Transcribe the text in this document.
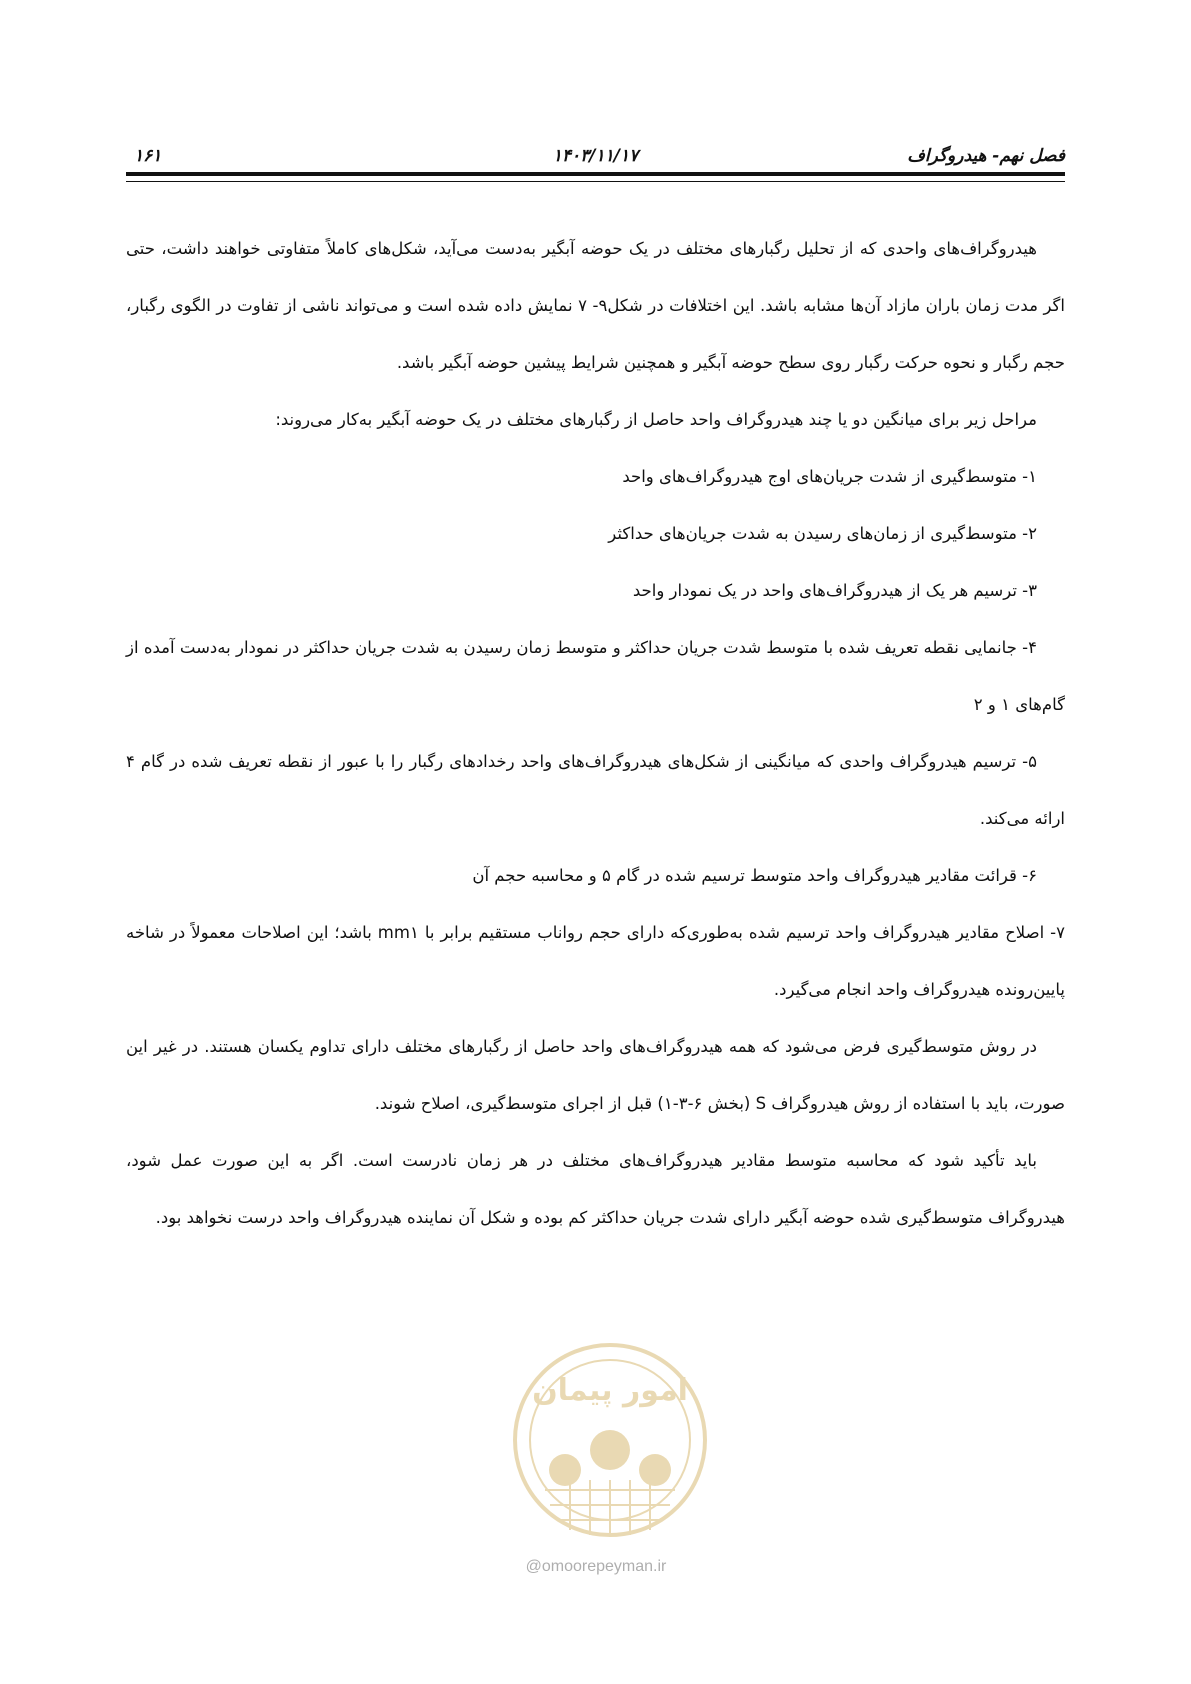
فصل نهم- هیدروگراف
۱۴۰۳/۱۱/۱۷
۱۶۱

هیدروگراف‌های واحدی که از تحلیل رگبارهای مختلف در یک حوضه آبگیر به‌دست می‌آید، شکل‌های کاملاً متفاوتی خواهند داشت، حتی اگر مدت زمان باران مازاد آن‌ها مشابه باشد. این اختلافات در شکل۹- ۷ نمایش داده شده است و می‌تواند ناشی از تفاوت در الگوی رگبار، حجم رگبار و نحوه حرکت رگبار روی سطح حوضه آبگیر و همچنین شرایط پیشین حوضه آبگیر باشد.

مراحل زیر برای میانگین دو یا چند هیدروگراف واحد حاصل از رگبارهای مختلف در یک حوضه آبگیر به‌کار می‌روند:

۱- متوسط‌گیری از شدت جریان‌های اوج هیدروگراف‌های واحد

۲- متوسط‌گیری از زمان‌های رسیدن به شدت جریان‌های حداکثر

۳- ترسیم هر یک از هیدروگراف‌های واحد در یک نمودار واحد

۴- جانمایی نقطه تعریف شده با متوسط شدت جریان حداکثر و متوسط زمان رسیدن به شدت جریان حداکثر در نمودار به‌دست آمده از گام‌های ۱ و ۲

۵- ترسیم هیدروگراف واحدی که میانگینی از شکل‌های هیدروگراف‌های واحد رخدادهای رگبار را با عبور از نقطه تعریف شده در گام ۴ ارائه می‌کند.

۶- قرائت مقادیر هیدروگراف واحد متوسط ترسیم شده در گام ۵ و محاسبه حجم آن

۷- اصلاح مقادیر هیدروگراف واحد ترسیم شده به‌طوری‌که دارای حجم رواناب مستقیم برابر با mm۱ باشد؛ این اصلاحات معمولاً در شاخه پایین‌رونده هیدروگراف واحد انجام می‌گیرد.

در روش متوسط‌گیری فرض می‌شود که همه هیدروگراف‌های واحد حاصل از رگبارهای مختلف دارای تداوم یکسان هستند. در غیر این صورت، باید با استفاده از روش هیدروگراف S (بخش ۶-۳-۱) قبل از اجرای متوسط‌گیری، اصلاح شوند.

باید تأکید شود که محاسبه متوسط مقادیر هیدروگراف‌های مختلف در هر زمان نادرست است. اگر به این صورت عمل شود، هیدروگراف متوسط‌گیری شده حوضه آبگیر دارای شدت جریان حداکثر کم بوده و شکل آن نماینده هیدروگراف واحد درست نخواهد بود.

امور پیمان
@omoorepeyman.ir
